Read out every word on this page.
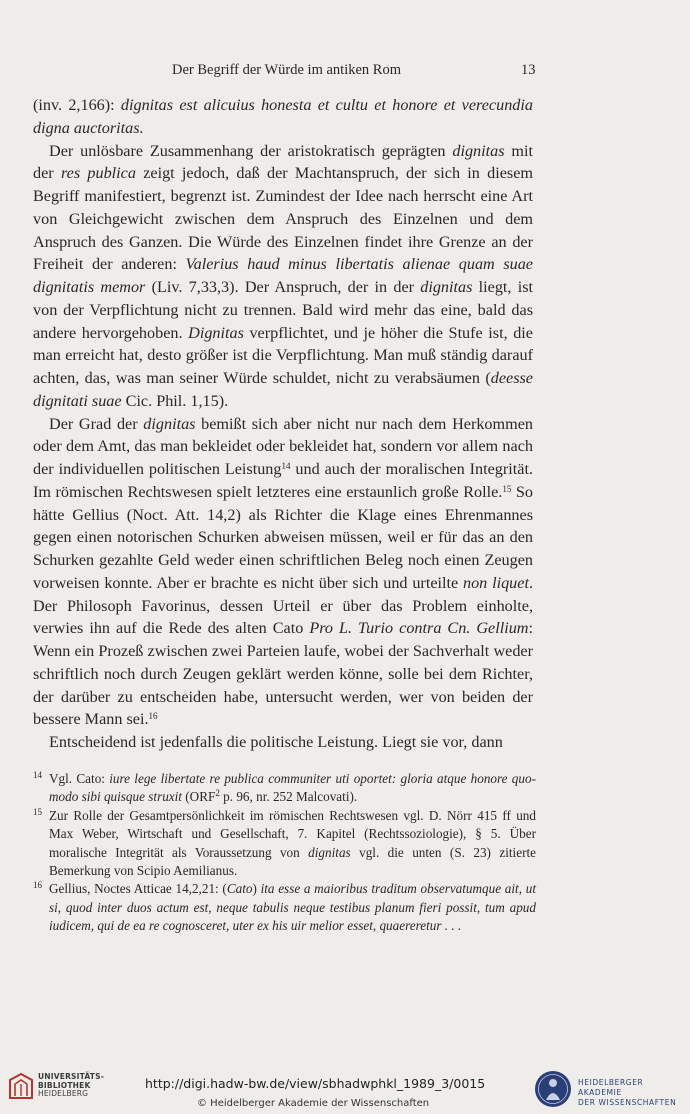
Der Begriff der Würde im antiken Rom	13

(inv. 2,166): dignitas est alicuius honesta et cultu et honore et verecundia digna auctoritas.

Der unlösbare Zusammenhang der aristokratisch geprägten dignitas mit der res publica zeigt jedoch, daß der Machtanspruch, der sich in diesem Begriff manifestiert, begrenzt ist. Zumindest der Idee nach herrscht eine Art von Gleichgewicht zwischen dem Anspruch des Einzelnen und dem Anspruch des Ganzen. Die Würde des Einzelnen findet ihre Grenze an der Freiheit der anderen: Valerius haud minus libertatis alienae quam suae dignitatis memor (Liv. 7,33,3). Der Anspruch, der in der dignitas liegt, ist von der Verpflichtung nicht zu trennen. Bald wird mehr das eine, bald das andere hervorgehoben. Dignitas verpflichtet, und je höher die Stufe ist, die man erreicht hat, desto größer ist die Verpflichtung. Man muß ständig darauf achten, das, was man seiner Würde schuldet, nicht zu verabsäumen (deesse dignitati suae Cic. Phil. 1,15).

Der Grad der dignitas bemißt sich aber nicht nur nach dem Herkommen oder dem Amt, das man bekleidet oder bekleidet hat, sondern vor allem nach der individuellen politischen Leistung$^{14}$ und auch der moralischen Integrität. Im römischen Rechtswesen spielt letzteres eine erstaunlich große Rolle.$^{15}$ So hätte Gellius (Noct. Att. 14,2) als Richter die Klage eines Ehrenmannes gegen einen notorischen Schurken abweisen müssen, weil er für das an den Schurken gezahlte Geld weder einen schriftlichen Beleg noch einen Zeugen vorweisen konnte. Aber er brachte es nicht über sich und urteilte non liquet. Der Philosoph Favorinus, dessen Urteil er über das Problem einholte, verwies ihn auf die Rede des alten Cato Pro L. Turio contra Cn. Gellium: Wenn ein Prozeß zwischen zwei Parteien laufe, wobei der Sachverhalt weder schriftlich noch durch Zeugen geklärt werden könne, solle bei dem Richter, der darüber zu entscheiden habe, untersucht werden, wer von beiden der bessere Mann sei.$^{16}$

Entscheidend ist jedenfalls die politische Leistung. Liegt sie vor, dann

14 Vgl. Cato: iure lege libertate re publica communiter uti oportet: gloria atque honore quomodo sibi quisque struxit (ORF$^2$ p. 96, nr. 252 Malcovati).
15 Zur Rolle der Gesamtpersönlichkeit im römischen Rechtswesen vgl. D. Nörr 415 ff und Max Weber, Wirtschaft und Gesellschaft, 7. Kapitel (Rechtssoziologie), § 5. Über moralische Integrität als Voraussetzung von dignitas vgl. die unten (S. 23) zitierte Bemerkung von Scipio Aemilianus.
16 Gellius, Noctes Atticae 14,2,21: (Cato) ita esse a maioribus traditum observatumque ait, ut si, quod inter duos actum est, neque tabulis neque testibus planum fieri possit, tum apud iudicem, qui de ea re cognosceret, uter ex his uir melior esset, quaereretur . . .
UNIVERSITÄTS-
BIBLIOTHEK
HEIDELBERG
http://digi.hadw-bw.de/view/sbhadwphkl_1989_3/0015
© Heidelberger Akademie der Wissenschaften
HEIDELBERGER AKADEMIE
DER WISSENSCHAFTEN
